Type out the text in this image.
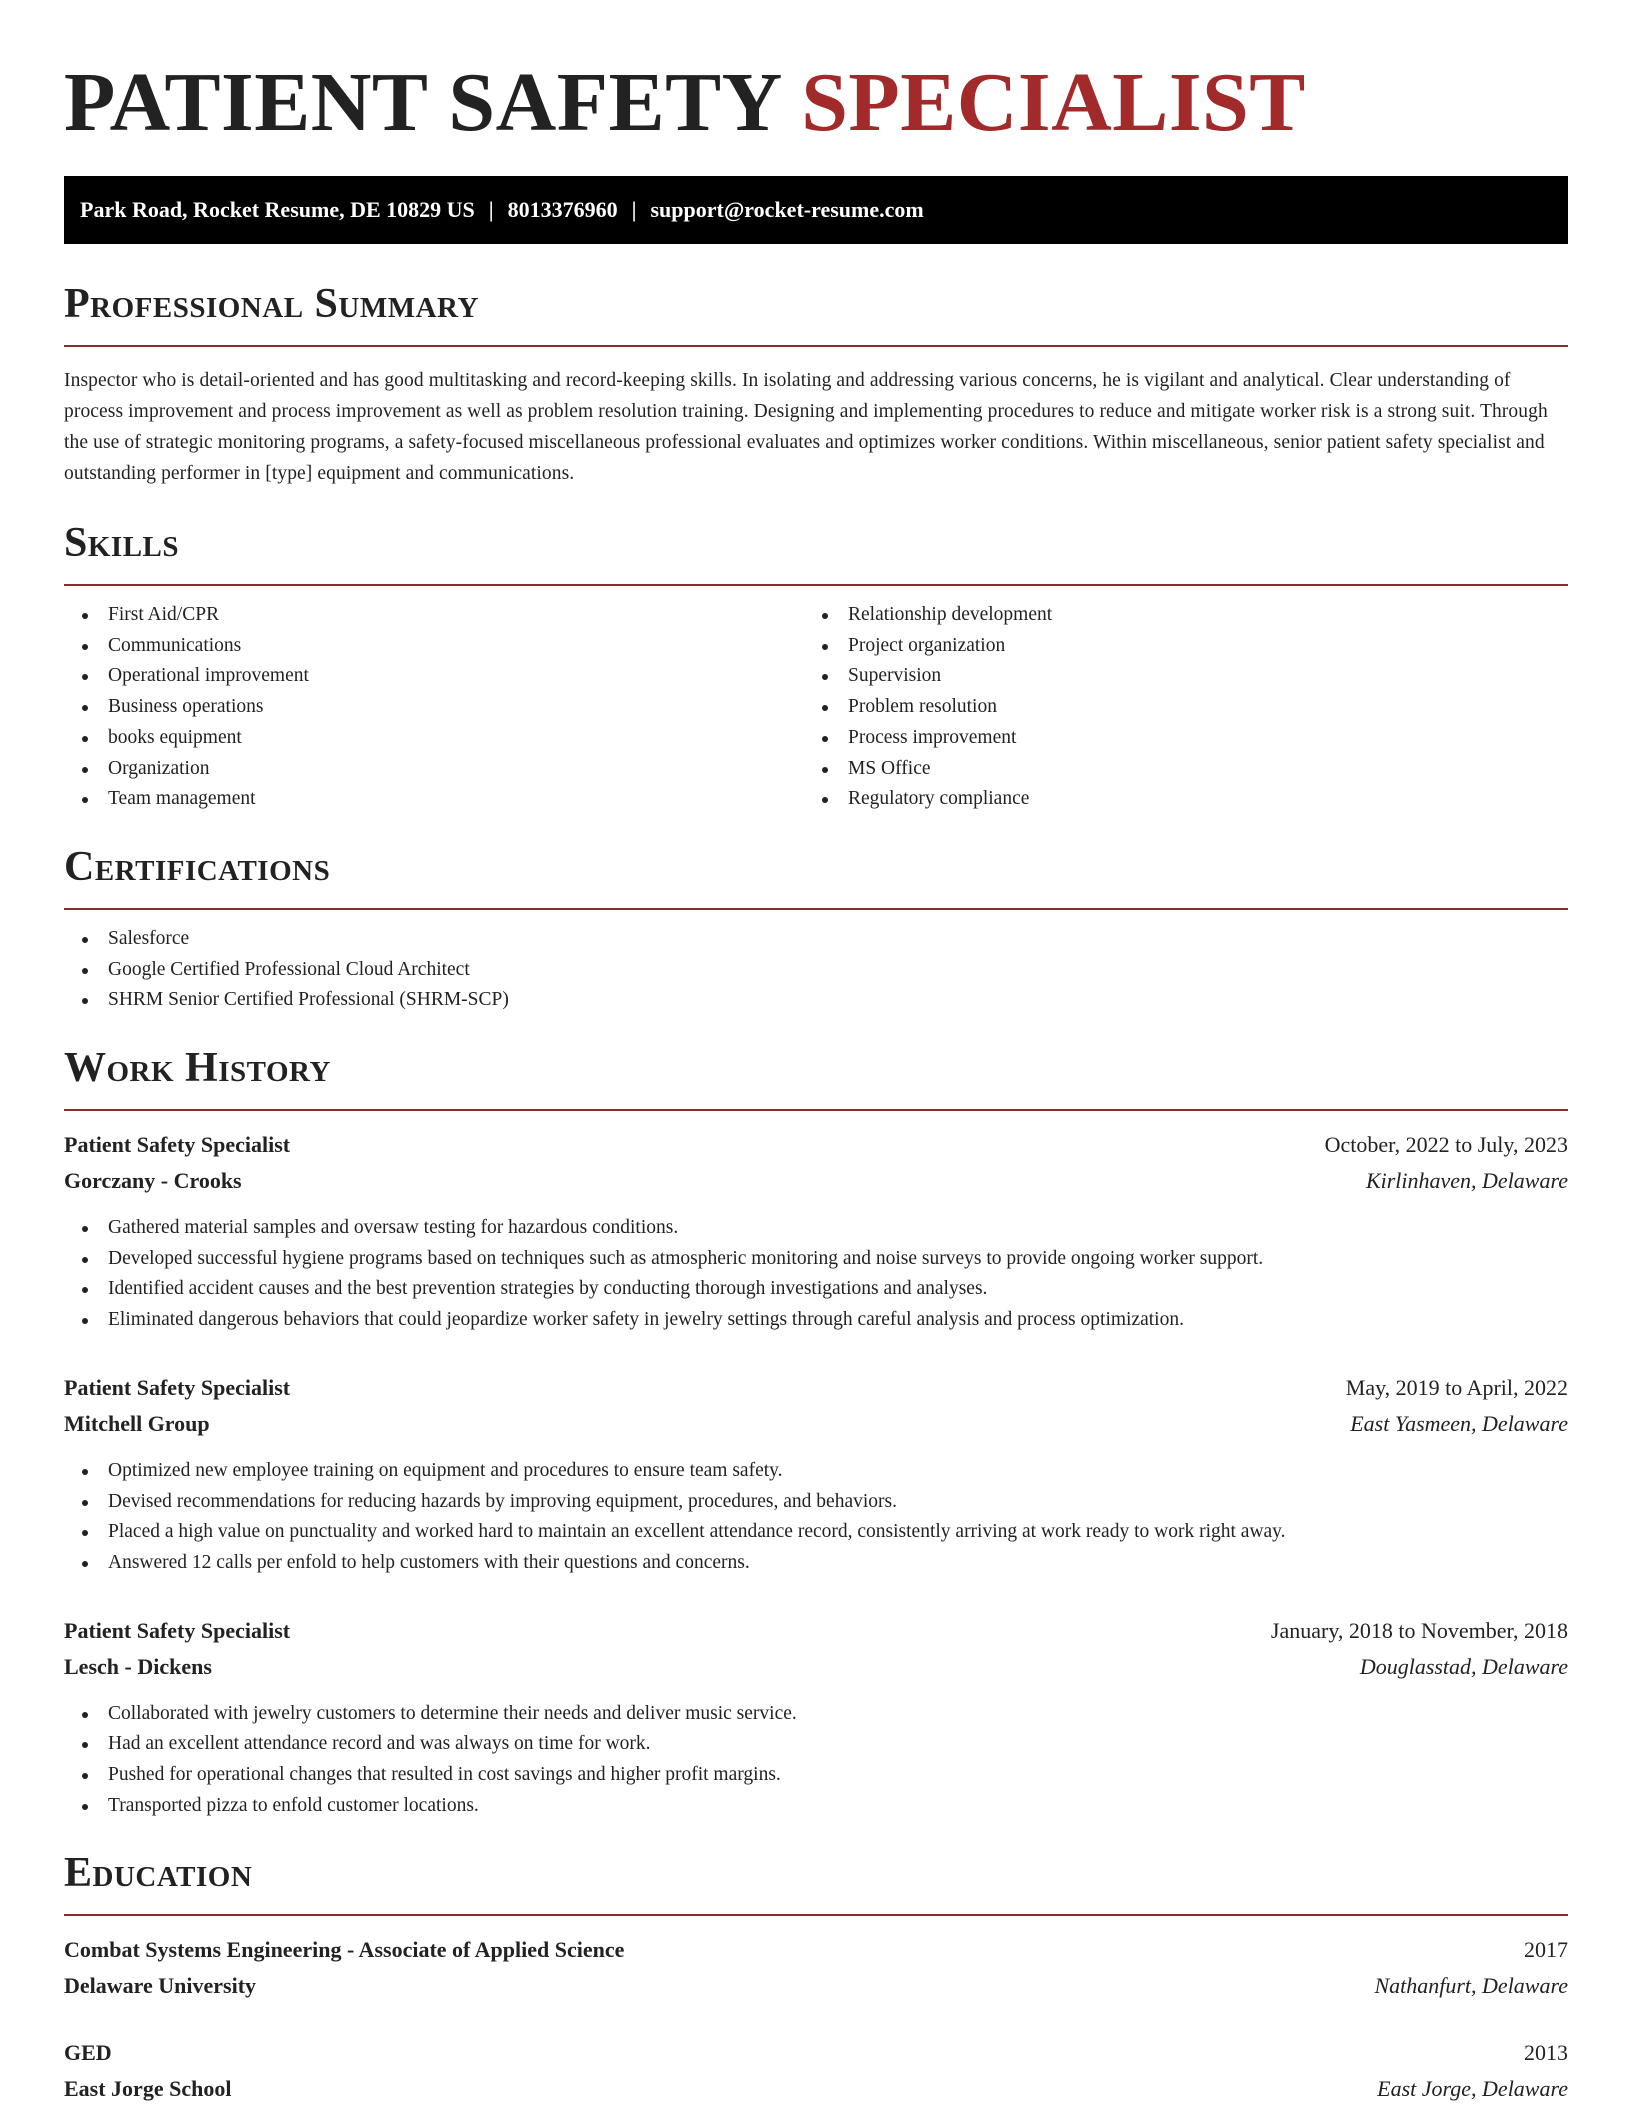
PATIENT SAFETY SPECIALIST
Park Road, Rocket Resume, DE 10829 US | 8013376960 | support@rocket-resume.com
Professional Summary

Inspector who is detail-oriented and has good multitasking and record-keeping skills. In isolating and addressing various concerns, he is vigilant and analytical. Clear understanding of process improvement and process improvement as well as problem resolution training. Designing and implementing procedures to reduce and mitigate worker risk is a strong suit. Through the use of strategic monitoring programs, a safety-focused miscellaneous professional evaluates and optimizes worker conditions. Within miscellaneous, senior patient safety specialist and outstanding performer in [type] equipment and communications.

Skills
First Aid/CPR
Communications
Operational improvement
Business operations
books equipment
Organization
Team management
Relationship development
Project organization
Supervision
Problem resolution
Process improvement
MS Office
Regulatory compliance
Certifications
Salesforce
Google Certified Professional Cloud Architect
SHRM Senior Certified Professional (SHRM-SCP)
Work History
Patient Safety Specialist	October, 2022 to July, 2023
Gorczany - Crooks	Kirlinhaven, Delaware
Gathered material samples and oversaw testing for hazardous conditions.
Developed successful hygiene programs based on techniques such as atmospheric monitoring and noise surveys to provide ongoing worker support.
Identified accident causes and the best prevention strategies by conducting thorough investigations and analyses.
Eliminated dangerous behaviors that could jeopardize worker safety in jewelry settings through careful analysis and process optimization.
Patient Safety Specialist	May, 2019 to April, 2022
Mitchell Group	East Yasmeen, Delaware
Optimized new employee training on equipment and procedures to ensure team safety.
Devised recommendations for reducing hazards by improving equipment, procedures, and behaviors.
Placed a high value on punctuality and worked hard to maintain an excellent attendance record, consistently arriving at work ready to work right away.
Answered 12 calls per enfold to help customers with their questions and concerns.
Patient Safety Specialist	January, 2018 to November, 2018
Lesch - Dickens	Douglasstad, Delaware
Collaborated with jewelry customers to determine their needs and deliver music service.
Had an excellent attendance record and was always on time for work.
Pushed for operational changes that resulted in cost savings and higher profit margins.
Transported pizza to enfold customer locations.
Education
Combat Systems Engineering - Associate of Applied Science	2017
Delaware University	Nathanfurt, Delaware
GED	2013
East Jorge School	East Jorge, Delaware
